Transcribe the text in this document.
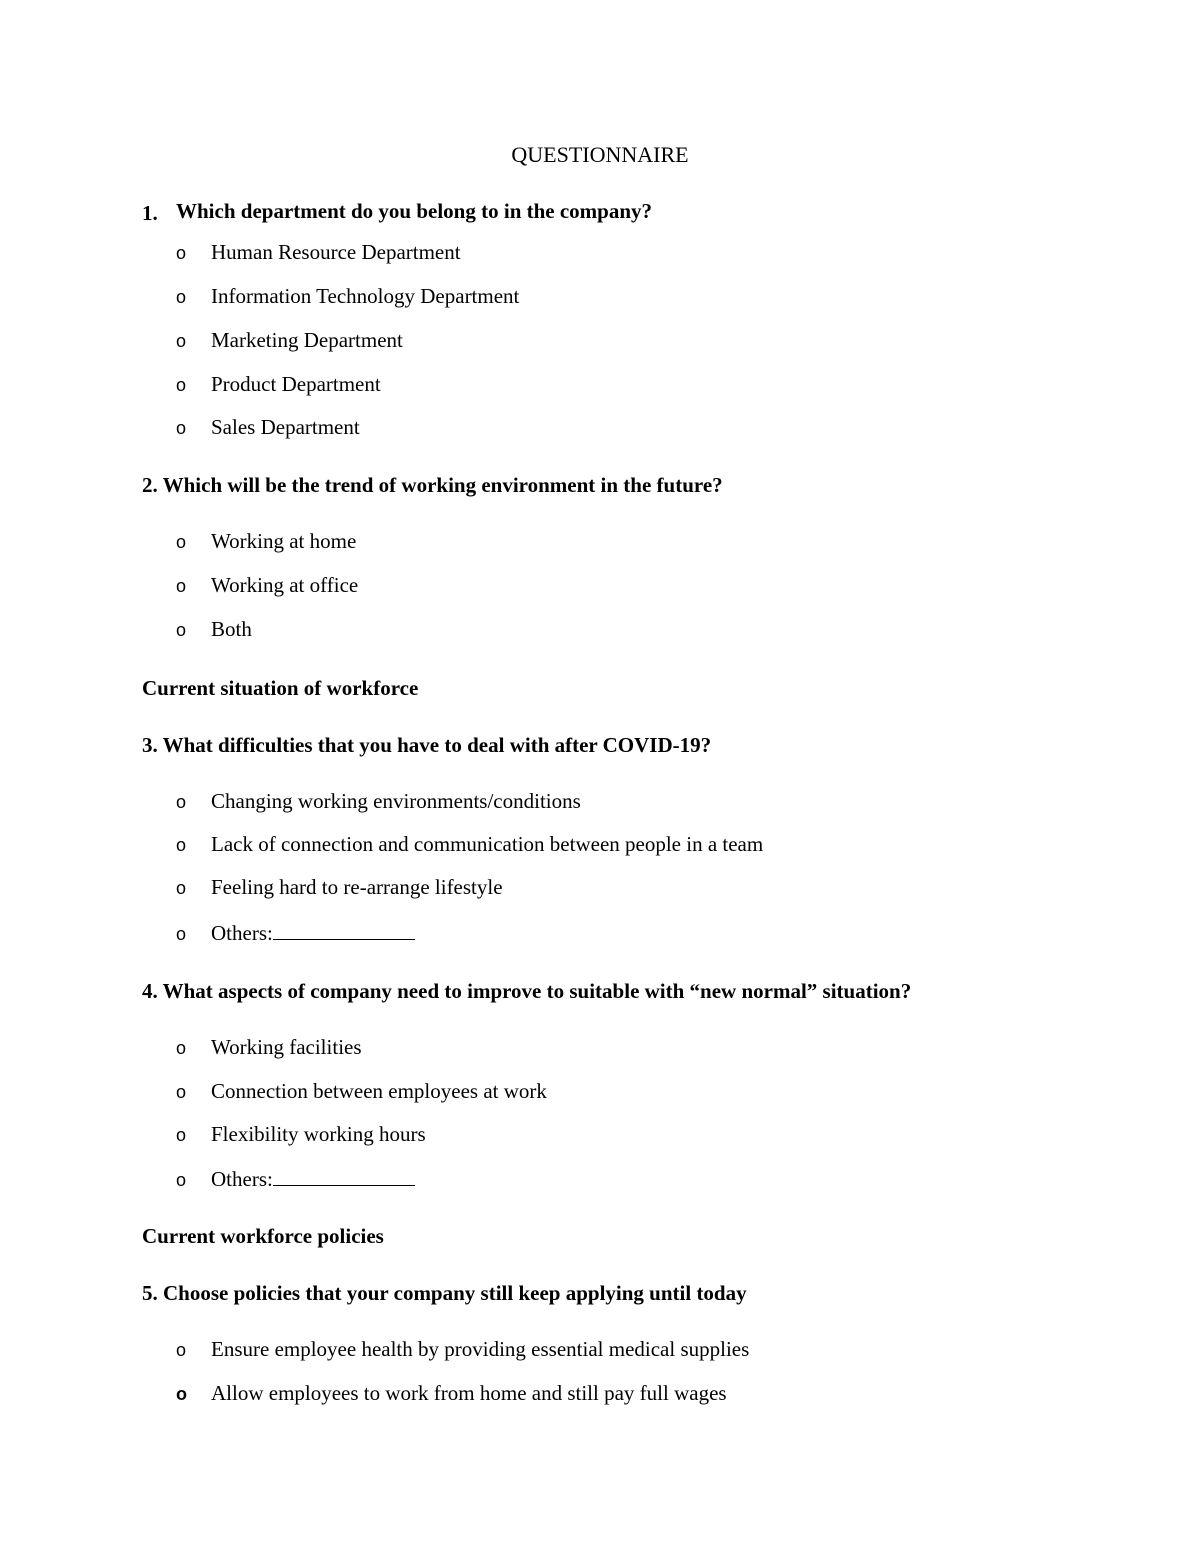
QUESTIONNAIRE
1. Which department do you belong to in the company?
o Human Resource Department
o Information Technology Department
o Marketing Department
o Product Department
o Sales Department
2. Which will be the trend of working environment in the future?
o Working at home
o Working at office
o Both
Current situation of workforce
3. What difficulties that you have to deal with after COVID-19?
o Changing working environments/conditions
o Lack of connection and communication between people in a team
o Feeling hard to re-arrange lifestyle
o Others:
4. What aspects of company need to improve to suitable with “new normal” situation?
o Working facilities
o Connection between employees at work
o Flexibility working hours
o Others:
Current workforce policies
5. Choose policies that your company still keep applying until today
o Ensure employee health by providing essential medical supplies
o Allow employees to work from home and still pay full wages
